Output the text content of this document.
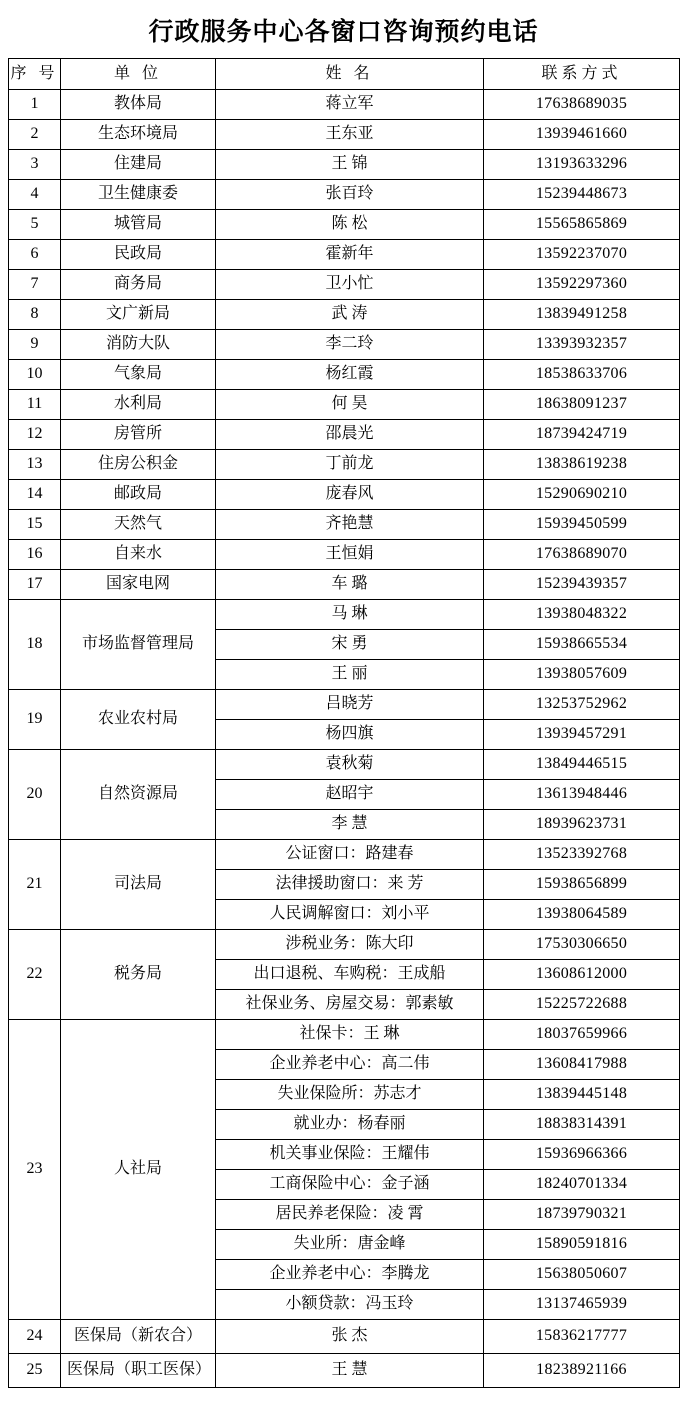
行政服务中心各窗口咨询预约电话
序 号	单 位	姓 名	联系方式
1	教体局	蒋立军	17638689035
2	生态环境局	王东亚	13939461660
3	住建局	王 锦	13193633296
4	卫生健康委	张百玲	15239448673
5	城管局	陈 松	15565865869
6	民政局	霍新年	13592237070
7	商务局	卫小忙	13592297360
8	文广新局	武 涛	13839491258
9	消防大队	李二玲	13393932357
10	气象局	杨红霞	18538633706
11	水利局	何 昊	18638091237
12	房管所	邵晨光	18739424719
13	住房公积金	丁前龙	13838619238
14	邮政局	庞春风	15290690210
15	天然气	齐艳慧	15939450599
16	自来水	王恒娟	17638689070
17	国家电网	车 璐	15239439357
18	市场监督管理局	马 琳	13938048322
		宋 勇	15938665534
		王 丽	13938057609
19	农业农村局	吕晓芳	13253752962
		杨四旗	13939457291
20	自然资源局	袁秋菊	13849446515
		赵昭宇	13613948446
		李 慧	18939623731
21	司法局	公证窗口：路建春	13523392768
		法律援助窗口：来 芳	15938656899
		人民调解窗口：刘小平	13938064589
22	税务局	涉税业务：陈大印	17530306650
		出口退税、车购税：王成船	13608612000
		社保业务、房屋交易：郭素敏	15225722688
23	人社局	社保卡：王 琳	18037659966
		企业养老中心：高二伟	13608417988
		失业保险所：苏志才	13839445148
		就业办：杨春丽	18838314391
		机关事业保险：王耀伟	15936966366
		工商保险中心：金子涵	18240701334
		居民养老保险：凌 霄	18739790321
		失业所：唐金峰	15890591816
		企业养老中心：李腾龙	15638050607
		小额贷款：冯玉玲	13137465939
24	医保局（新农合）	张 杰	15836217777
25	医保局（职工医保）	王 慧	18238921166
